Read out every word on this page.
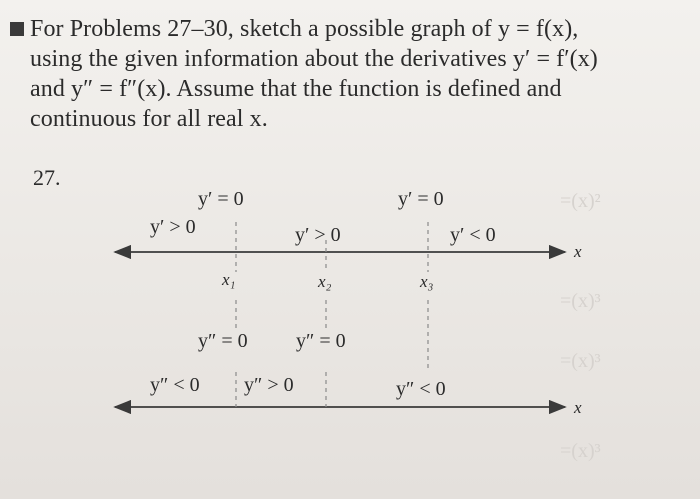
=(x)²
=(x)³
=(x)³
=(x)³
For Problems 27–30, sketch a possible graph of y = f(x),
using the given information about the derivatives y′ = f′(x)
and y″ = f″(x). Assume that the function is defined and
continuous for all real x.
27.
y′ = 0	y′ = 0
y′ > 0	y′ > 0	y′ < 0
x
x₁	x₂	x₃
y″ = 0 y″ = 0
y″ < 0 y″ > 0	y″ < 0
x
